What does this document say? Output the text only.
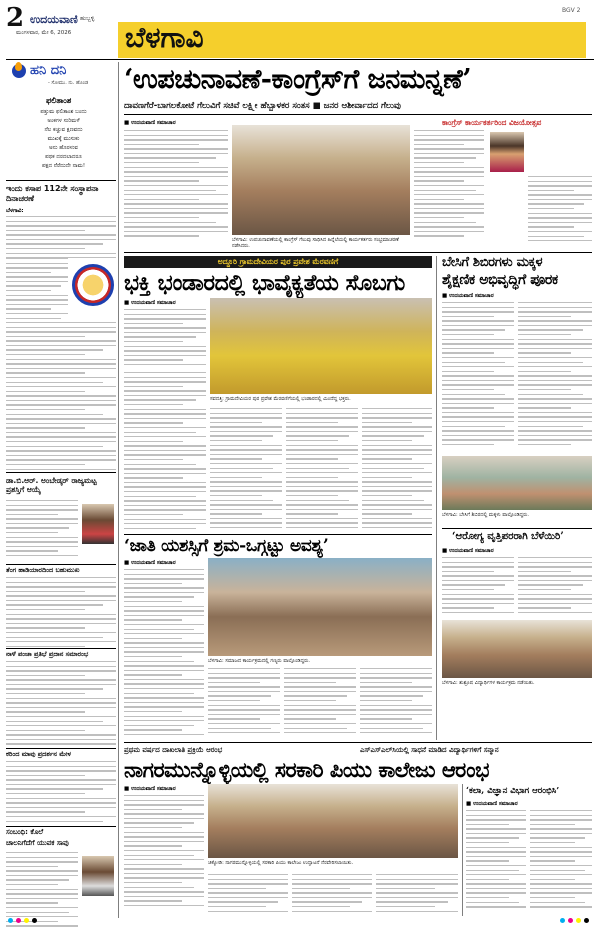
2 ಉದಯವಾಣಿ ಹುಬ್ಬಳ್ಳಿ
ಮಂಗಳವಾರ, ಮೇ 6, 2026 ಬೆಳಗಾವಿ
BGV 2
ಹನಿ ದನಿ
- ಸೋಮು. ನು. ಹೊಂಡ
ಫಲಿತಾಂಶ
ಪತ್ತುಮ ಫಲಿತಾಂಶ ಬಂದು
ಅಂಕಗಳ ಸುರಿಮಳೆ
ನೆಲ ಕಚ್ಚುವ ಕ್ಷಣವದು
ಮುಖಕ್ಕೆ ಮುಸುಕು
ಅನು ಹೊರಳುವ
ಪಥಕ ದರದಲಾದರೂ
ಪಕ್ಷದ ನೆರೆದುದೇ ನಾಮ!
ಇಂದು ಕಸಾಪ 112ನೇ ಸಂಸ್ಥಾಪನಾ ದಿನಾಚರಣೆ
ಬೆಳಗಾವಿ:
ಡಾ.ಬಿ.ಆರ್. ಅಂಬೇಡ್ಕರ್ ರಾಜ್ಯಮಟ್ಟ ಪ್ರಶಸ್ತಿಗೆ ಆಯ್ಕೆ
ತೆಂಗ ಹಾಡಿಯಾರದಿಂದ ಬಹುಮುಖ
ನಾಳೆ ಪಂಚಾ ಪ್ರತಿಭೆ ಪ್ರದಾನ ಸಮಾರಂಭ
ಕರಿಂದ ಮಾವು ಪ್ರದರ್ಶನ ಮೇಳ
ಸಂಬಂಧಿ: ಕೊಲೆ
ಚಾಲನಿಗೆದೆಗೆ ಯುವಕ ಸಾವು
‘ಉಪಚುನಾವಣೆ-ಕಾಂಗ್ರೆಸ್‌ಗೆ ಜನಮನ್ನಣೆ’
ದಾವಣಗೆರೆ-ಬಾಗಲಕೋಟೆ ಗೆಲುವಿಗೆ ಸಚಿವೆ ಲಕ್ಷ್ಮೀ ಹೆಬ್ಬಾಳಕರ ಸಂತಸ ■ ಜನರ ಆಶೀರ್ವಾದದ ಗೆಲುವು
ಕಾಂಗ್ರೆಸ್ ಕಾರ್ಯಕರ್ತರಿಂದ ವಿಜಯೋತ್ಸವ
■ ಉದಯವಾಣಿ ಸಮಾಚಾರ
ಬೆಳಗಾವಿ: ಉಪಚುನಾವಣೆಯಲ್ಲಿ ಕಾಂಗ್ರೆಸ್ ಗೆಲುವು ಸಾಧಿಸಿದ ಹಿನ್ನೆಲೆಯಲ್ಲಿ ಕಾರ್ಯಕರ್ತರು ಸಂಭ್ರಮಾಚರಣೆ ನಡೆಸಿದರು.
ಅದ್ದೂರಿ ಗ್ರಾಮದೇವಿಯರ ಪುರ ಪ್ರವೇಶ ಮೆರವಣಿಗೆ
ಭಕ್ತಿ ಭಂಡಾರದಲ್ಲಿ ಭಾವೈಕ್ಯತೆಯ ಸೊಬಗು
■ ಉದಯವಾಣಿ ಸಮಾಚಾರ
ಸವದತ್ತಿ: ಗ್ರಾಮದೇವಿಯರ ಪುರ ಪ್ರವೇಶ ಮೆರವಣಿಗೆಯಲ್ಲಿ ಭಂಡಾರದಲ್ಲಿ ಮಿಂದೆದ್ದ ಭಕ್ತರು.
‘ಜಾತಿ ಯಶಸ್ಸಿಗೆ ಶ್ರಮ-ಒಗ್ಗಟ್ಟು ಅವಶ್ಯ’
■ ಉದಯವಾಣಿ ಸಮಾಚಾರ
ಬೆಳಗಾವಿ: ಸಮಾಜದ ಕಾರ್ಯಕ್ರಮದಲ್ಲಿ ಗಣ್ಯರು ಪಾಲ್ಗೊಂಡಿದ್ದರು.
ಬೇಸಿಗೆ ಶಿಬಿರಗಳು ಮಕ್ಕಳ
ಶೈಕ್ಷಣಿಕ ಅಭಿವೃದ್ಧಿಗೆ ಪೂರಕ
■ ಉದಯವಾಣಿ ಸಮಾಚಾರ
ಬೆಳಗಾವಿ: ಬೇಸಿಗೆ ಶಿಬಿರದಲ್ಲಿ ಮಕ್ಕಳು ಪಾಲ್ಗೊಂಡಿದ್ದರು.
‘ಆರೋಗ್ಯ ವೃತ್ತಿಪರರಾಗಿ ಬೆಳೆಯಿರಿ’
■ ಉದಯವಾಣಿ ಸಮಾಚಾರ
ಬೆಳಗಾವಿ: ಶುಶ್ರೂಷ ವಿದ್ಯಾರ್ಥಿಗಳ ಕಾರ್ಯಕ್ರಮ ನಡೆಯಿತು.
ಪ್ರಥಮ ವರ್ಷದ ದಾಖಲಾತಿ ಪ್ರಕ್ರಿಯೆ ಆರಂಭ	ಎಸ್ಎಸ್ಎಲ್‌ಸಿಯಲ್ಲಿ ಸಾಧನೆ ಮಾಡಿದ ವಿದ್ಯಾರ್ಥಿಗಳಿಗೆ ಸನ್ಮಾನ
ನಾಗರಮುನ್ನೊಳ್ಳಿಯಲ್ಲಿ ಸರಕಾರಿ ಪಿಯು ಕಾಲೇಜು ಆರಂಭ
■ ಉದಯವಾಣಿ ಸಮಾಚಾರ
ಚಿಕ್ಕೋಡಿ: ನಾಗರಮುನ್ನೊಳ್ಳಿಯಲ್ಲಿ ಸರಕಾರಿ ಪಿಯು ಕಾಲೇಜು ಉದ್ಘಾಟನೆ ನೆರವೇರಿಸಲಾಯಿತು.
‘ಕಲಾ, ವಿಜ್ಞಾನ ವಿಭಾಗ ಆರಂಭಿಸಿ’
■ ಉದಯವಾಣಿ ಸಮಾಚಾರ
